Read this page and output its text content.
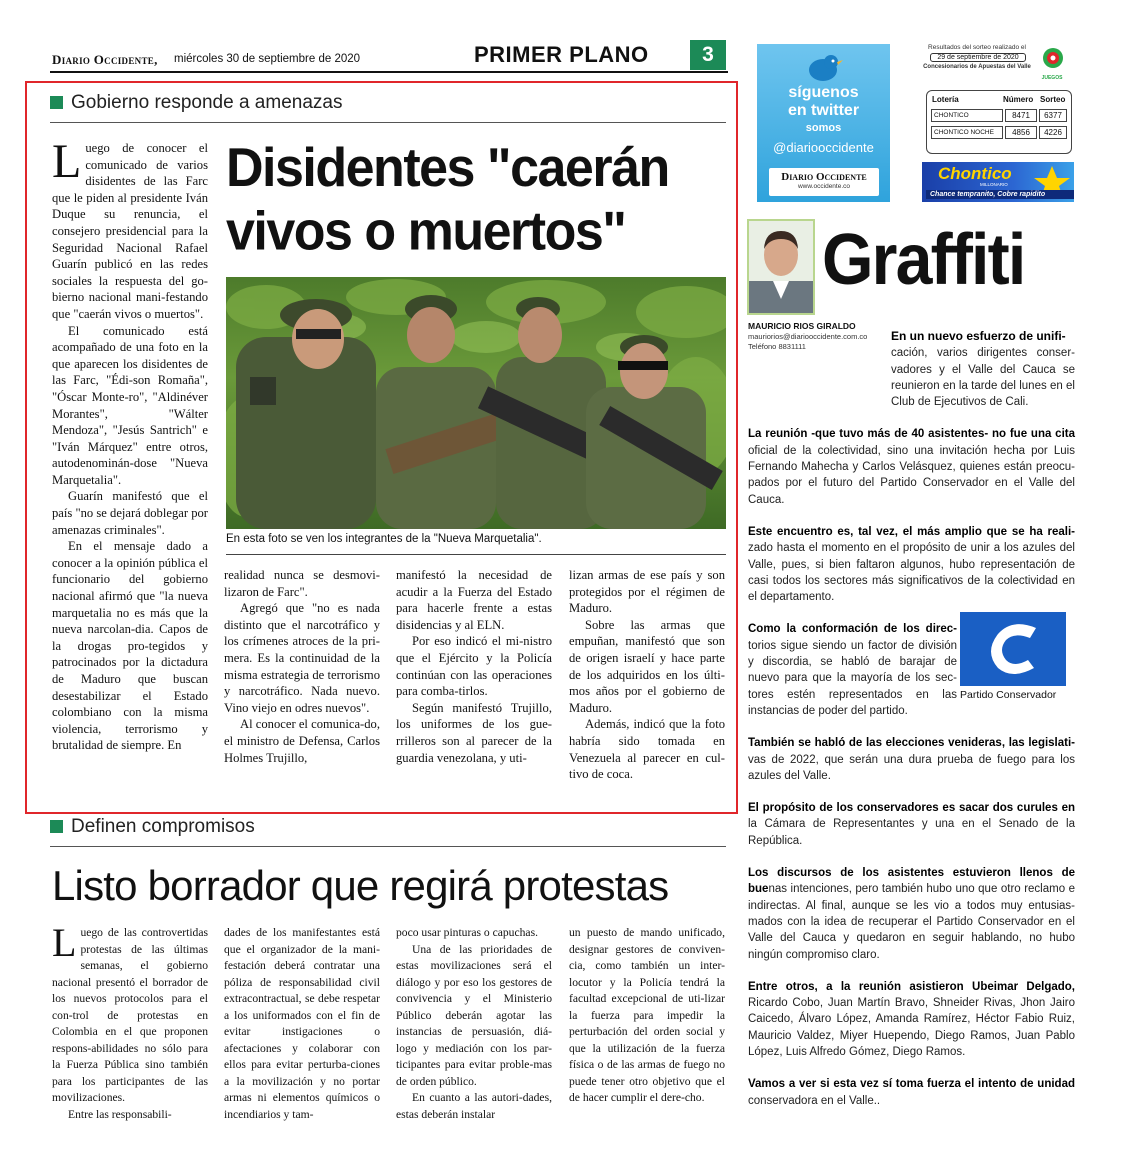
Diario Occidente, miércoles 30 de septiembre de 2020	PRIMER PLANO	3
Gobierno responde a amenazas
Disidentes "caerán vivos o muertos"
En esta foto se ven los integrantes de la "Nueva Marquetalia".

Luego de conocer el comunicado de varios disidentes de las Farc que le piden al presidente Iván Duque su renuncia, el consejero presidencial para la Seguridad Nacional Rafael Guarín publicó en las redes sociales la respuesta del go-bierno nacional mani-festando que "caerán vivos o muertos".

El comunicado está acompañado de una foto en la que aparecen los disidentes de las Farc, "Édi-son Romaña", "Óscar Monte-ro", "Aldinéver Morantes", "Wálter Mendoza", "Jesús Santrich" e "Iván Márquez" entre otros, autodenominán-dose "Nueva Marquetalia".

Guarín manifestó que el país "no se dejará doblegar por amenazas criminales".

En el mensaje dado a conocer a la opinión pública el funcionario del gobierno nacional afirmó que "la nueva marquetalia no es más que la nueva narcolan-dia. Capos de la drogas pro-tegidos y patrocinados por la dictadura de Maduro que buscan desestabilizar el Estado colombiano con la misma violencia, terrorismo y brutalidad de siempre. En

realidad nunca se desmovi-lizaron de Farc".

Agregó que "no es nada distinto que el narcotráfico y los crímenes atroces de la pri-mera. Es la continuidad de la misma estrategia de terrorismo y narcotráfico. Nada nuevo. Vino viejo en odres nuevos".

Al conocer el comunica-do, el ministro de Defensa, Carlos Holmes Trujillo,

manifestó la necesidad de acudir a la Fuerza del Estado para hacerle frente a estas disidencias y al ELN.

Por eso indicó el mi-nistro que el Ejército y la Policía continúan con las operaciones para comba-tirlos.

Según manifestó Trujillo, los uniformes de los gue-rrilleros son al parecer de la guardia venezolana, y uti-

lizan armas de ese país y son protegidos por el régimen de Maduro.

Sobre las armas que empuñan, manifestó que son de origen israelí y hace parte de los adquiridos en los últi-mos años por el gobierno de Maduro.

Además, indicó que la foto habría sido tomada en Venezuela al parecer en cul-tivo de coca.

Definen compromisos
Listo borrador que regirá protestas

Luego de las controvertidas protestas de las últimas semanas, el gobierno nacional presentó el borrador de los nuevos protocolos para el con-trol de protestas en Colombia en el que proponen respons-abilidades no sólo para la Fuerza Pública sino también para los participantes de las movilizaciones.

Entre las responsabili-

dades de los manifestantes está que el organizador de la mani-festación deberá contratar una póliza de responsabilidad civil extracontractual, se debe respetar a los uniformados con el fin de evitar instigaciones o afectaciones y colaborar con ellos para evitar perturba-ciones a la movilización y no portar armas ni elementos químicos o incendiarios y tam-

poco usar pinturas o capuchas.

Una de las prioridades de estas movilizaciones será el diálogo y por eso los gestores de convivencia y el Ministerio Público deberán agotar las instancias de persuasión, diá-logo y mediación con los par-ticipantes para evitar proble-mas de orden público.

En cuanto a las autori-dades, estas deberán instalar

un puesto de mando unificado, designar gestores de conviven-cia, como también un inter-locutor y la Policía tendrá la facultad excepcional de uti-lizar la fuerza para impedir la perturbación del orden social y que la utilización de la fuerza física o de las armas de fuego no puede tener otro objetivo que el de hacer cumplir el dere-cho.

síguenos
en twitter
somos
@diariooccidente
Diario Occidente
www.occidente.co
Resultados del sorteo realizado el
29 de septiembre de 2020
Concesionarios de Apuestas del Valle
JUEGOS
Lotería	Número Sorteo
CHONTICO	8471	6377
CHONTICO NOCHE	4856	4226
Chontico
MILLONARIO
Chance tempranito, Cobre rapidito
Graffiti
MAURICIO RIOS GIRALDO
mauriorios@diariooccidente.com.co
Teléfono 8831111
Partido Conservador

En un nuevo esfuerzo de unifi-
cación, varios dirigentes conser-vadores y el Valle del Cauca se reunieron en la tarde del lunes en el Club de Ejecutivos de Cali.

La reunión -que tuvo más de 40 asistentes- no fue una cita oficial de la colectividad, sino una invitación hecha por Luis Fernando Mahecha y Carlos Velásquez, quienes están preocu-pados por el futuro del Partido Conservador en el Valle del Cauca.

Este encuentro es, tal vez, el más amplio que se ha reali-zado hasta el momento en el propósito de unir a los azules del Valle, pues, si bien faltaron algunos, hubo representación de casi todos los sectores más significativos de la colectividad en el departamento.

Como la conformación de los direc-torios sigue siendo un factor de división y discordia, se habló de barajar de nuevo para que la mayoría de los sec-tores estén representados en las instancias de poder del partido.

También se habló de las elecciones venideras, las legislati-vas de 2022, que serán una dura prueba de fuego para los azules del Valle.

El propósito de los conservadores es sacar dos curules en la Cámara de Representantes y una en el Senado de la República.

Los discursos de los asistentes estuvieron llenos de buenas intenciones, pero también hubo uno que otro reclamo e indirectas. Al final, aunque se les vio a todos muy entusias-mados con la idea de recuperar el Partido Conservador en el Valle del Cauca y quedaron en seguir hablando, no hubo ningún compromiso claro.

Entre otros, a la reunión asistieron Ubeimar Delgado, Ricardo Cobo, Juan Martín Bravo, Shneider Rivas, Jhon Jairo Caicedo, Álvaro López, Amanda Ramírez, Héctor Fabio Ruiz, Mauricio Valdez, Miyer Huependo, Diego Ramos, Juan Pablo López, Luis Alfredo Gómez, Diego Ramos.

Vamos a ver si esta vez sí toma fuerza el intento de unidad conservadora en el Valle..
